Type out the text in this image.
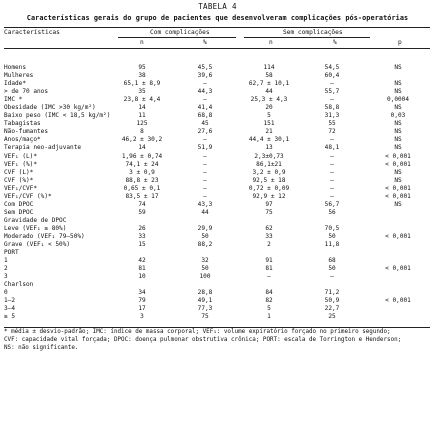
TABELA 4
Características gerais do grupo de pacientes que desenvolveram complicações pós-operatórias
Características	Com complicações	Sem complicações
n	%	n	%	p
Homens	95	45,5	114	54,5	NS
Mulheres	38	39,6	58	60,4	
Idade*	65,1 ± 8,9	–	62,7 ± 10,1	–	NS
> de 70 anos	35	44,3	44	55,7	NS
IMC *	23,8 ± 4,4	–	25,3 ± 4,3	–	0,0004
Obesidade (IMC >30 kg/m²)	14	41,4	20	58,8	NS
Baixo peso (IMC < 18,5 kg/m²)	11	68,8	5	31,3	0,03
Tabagistas	125	45	151	55	NS
Não-fumantes	8	27,6	21	72	NS
Anos/maço*	46,2 ± 30,2	–	44,4 ± 30,1	–	NS
Terapia neo-adjuvante	14	51,9	13	48,1	NS
VEF₁ (L)*	1,96 ± 0,74	–	2,3±0,73	–	< 0,001
VEF₁ (%)*	74,1 ± 24	–	86,1±21	–	< 0,001
CVF (L)*	3 ± 0,9	–	3,2 ± 0,9	–	NS
CVF (%)*	88,8 ± 23	–	92,5 ± 18	–	NS
VEF₁/CVF*	0,65 ± 0,1	–	0,72 ± 0,09	–	< 0,001
VEF₁/CVF (%)*	83,5 ± 17	–	92,9 ± 12	–	< 0,001
Com DPOC	74	43,3	97	56,7	NS
Sem DPOC	59	44	75	56	
Gravidade de DPOC					
Leve (VEF₁ ≥ 80%)	26	29,9	62	70,5	
Moderado (VEF₁ 79–50%)	33	50	33	50	< 0,001
Grave (VEF₁ < 50%)	15	88,2	2	11,8	
PORT					
1	42	32	91	68	
2	81	50	81	50	< 0,001
3	10	100	–	–	
Charlson					
0	34	28,8	84	71,2	
1–2	79	49,1	82	50,9	< 0,001
3–4	17	77,3	5	22,7	
≥ 5	3	75	1	25	
* média ± desvio-padrão; IMC: índice de massa corporal; VEF₁: volume expiratório forçado no primeiro segundo;
CVF: capacidade vital forçada; DPOC: doença pulmonar obstrutiva crônica; PORT: escala de Torrington e Henderson;
NS: não significante.
